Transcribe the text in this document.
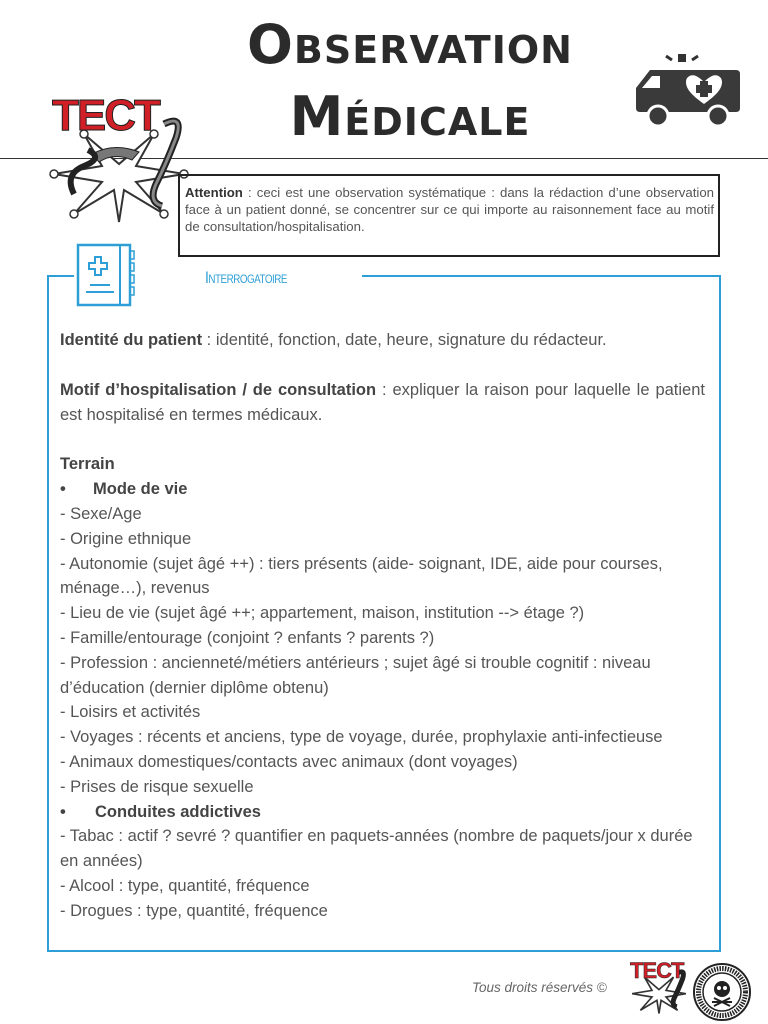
Observation
Médicale
TECT
Attention : ceci est une observation systématique : dans la rédaction d’une observation face à un patient donné, se concentrer sur ce qui importe au raisonnement face au motif de consultation/hospitalisation.
Interrogatoire

Identité du patient : identité, fonction, date, heure, signature du rédacteur.

Motif d’hospitalisation / de consultation : expliquer la raison pour laquelle le patient est hospitalisé en termes médicaux.

Terrain

• Mode de vie

- Sexe/Age

- Origine ethnique

- Autonomie (sujet âgé ++) : tiers présents (aide- soignant, IDE, aide pour courses, ménage…), revenus

- Lieu de vie (sujet âgé ++; appartement, maison, institution --> étage ?)

- Famille/entourage (conjoint ? enfants ? parents ?)

- Profession : ancienneté/métiers antérieurs ; sujet âgé si trouble cognitif : niveau d’éducation (dernier diplôme obtenu)

- Loisirs et activités

- Voyages : récents et anciens, type de voyage, durée, prophylaxie anti-infectieuse

- Animaux domestiques/contacts avec animaux (dont voyages)

- Prises de risque sexuelle

• Conduites addictives

- Tabac : actif ? sevré ? quantifier en paquets-années (nombre de paquets/jour x durée en années)

- Alcool : type, quantité, fréquence

- Drogues : type, quantité, fréquence

Tous droits réservés ©
TECT
